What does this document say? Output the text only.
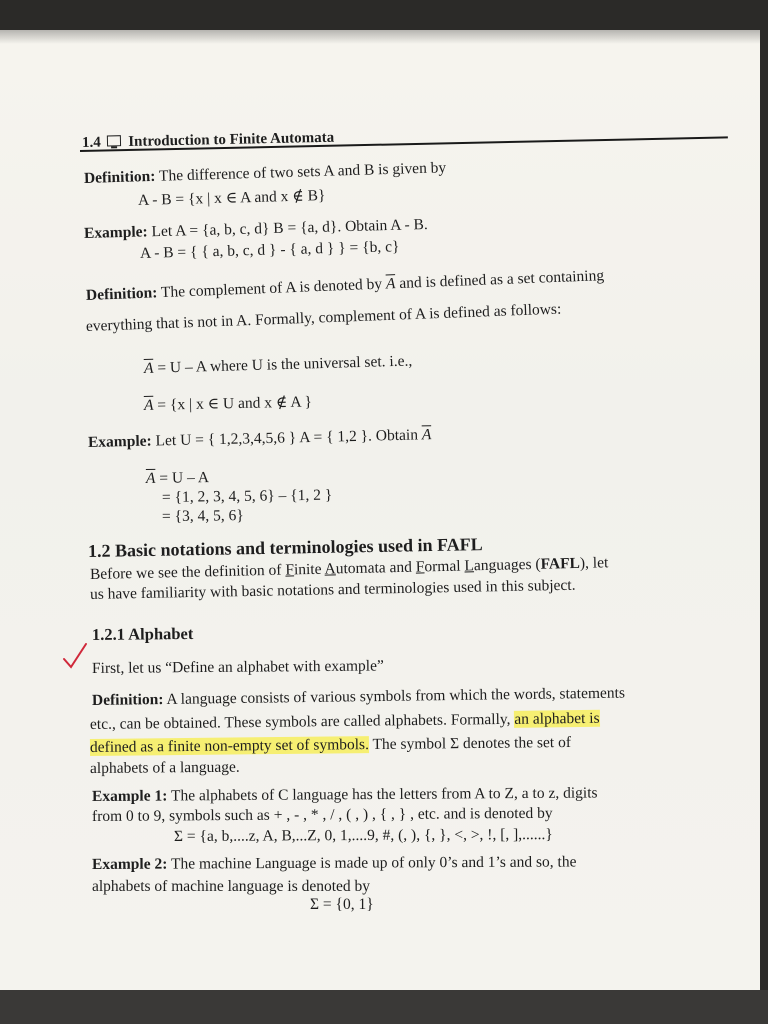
1.4 Introduction to Finite Automata
Definition: The difference of two sets A and B is given by
A - B = {x | x ∈ A and x ∉ B}
Example: Let A = {a, b, c, d} B = {a, d}. Obtain A - B.
A - B = { { a, b, c, d } - { a, d } } = {b, c}
Definition: The complement of A is denoted by $\overline{A}$ and is defined as a set containing
everything that is not in A. Formally, complement of A is defined as follows:
$\overline{A} = U - A$ where U is the universal set. i.e.,
$\overline{A} = \{x$ | x ∈ U and x ∉ A }
Example: Let U = { 1,2,3,4,5,6 } A = { 1,2 }. Obtain $\overline{A}$
$\overline{A} = U - A$
= {1, 2, 3, 4, 5, 6} – {1, 2 }
= {3, 4, 5, 6}
1.2 Basic notations and terminologies used in FAFL
Before we see the definition of Finite Automata and Formal Languages (FAFL), let
us have familiarity with basic notations and terminologies used in this subject.
1.2.1 Alphabet
First, let us “Define an alphabet with example”
Definition: A language consists of various symbols from which the words, statements
etc., can be obtained. These symbols are called alphabets. Formally, an alphabet is
defined as a finite non-empty set of symbols. The symbol Σ denotes the set of
alphabets of a language.
Example 1: The alphabets of C language has the letters from A to Z, a to z, digits
from 0 to 9, symbols such as + , - , * , / , ( , ) , { , } , etc. and is denoted by
Σ = {a, b,....z, A, B,...Z, 0, 1,....9, #, (, ), {, }, <, >, !, [, ],......}
Example 2: The machine Language is made up of only 0’s and 1’s and so, the
alphabets of machine language is denoted by
Σ = {0, 1}
